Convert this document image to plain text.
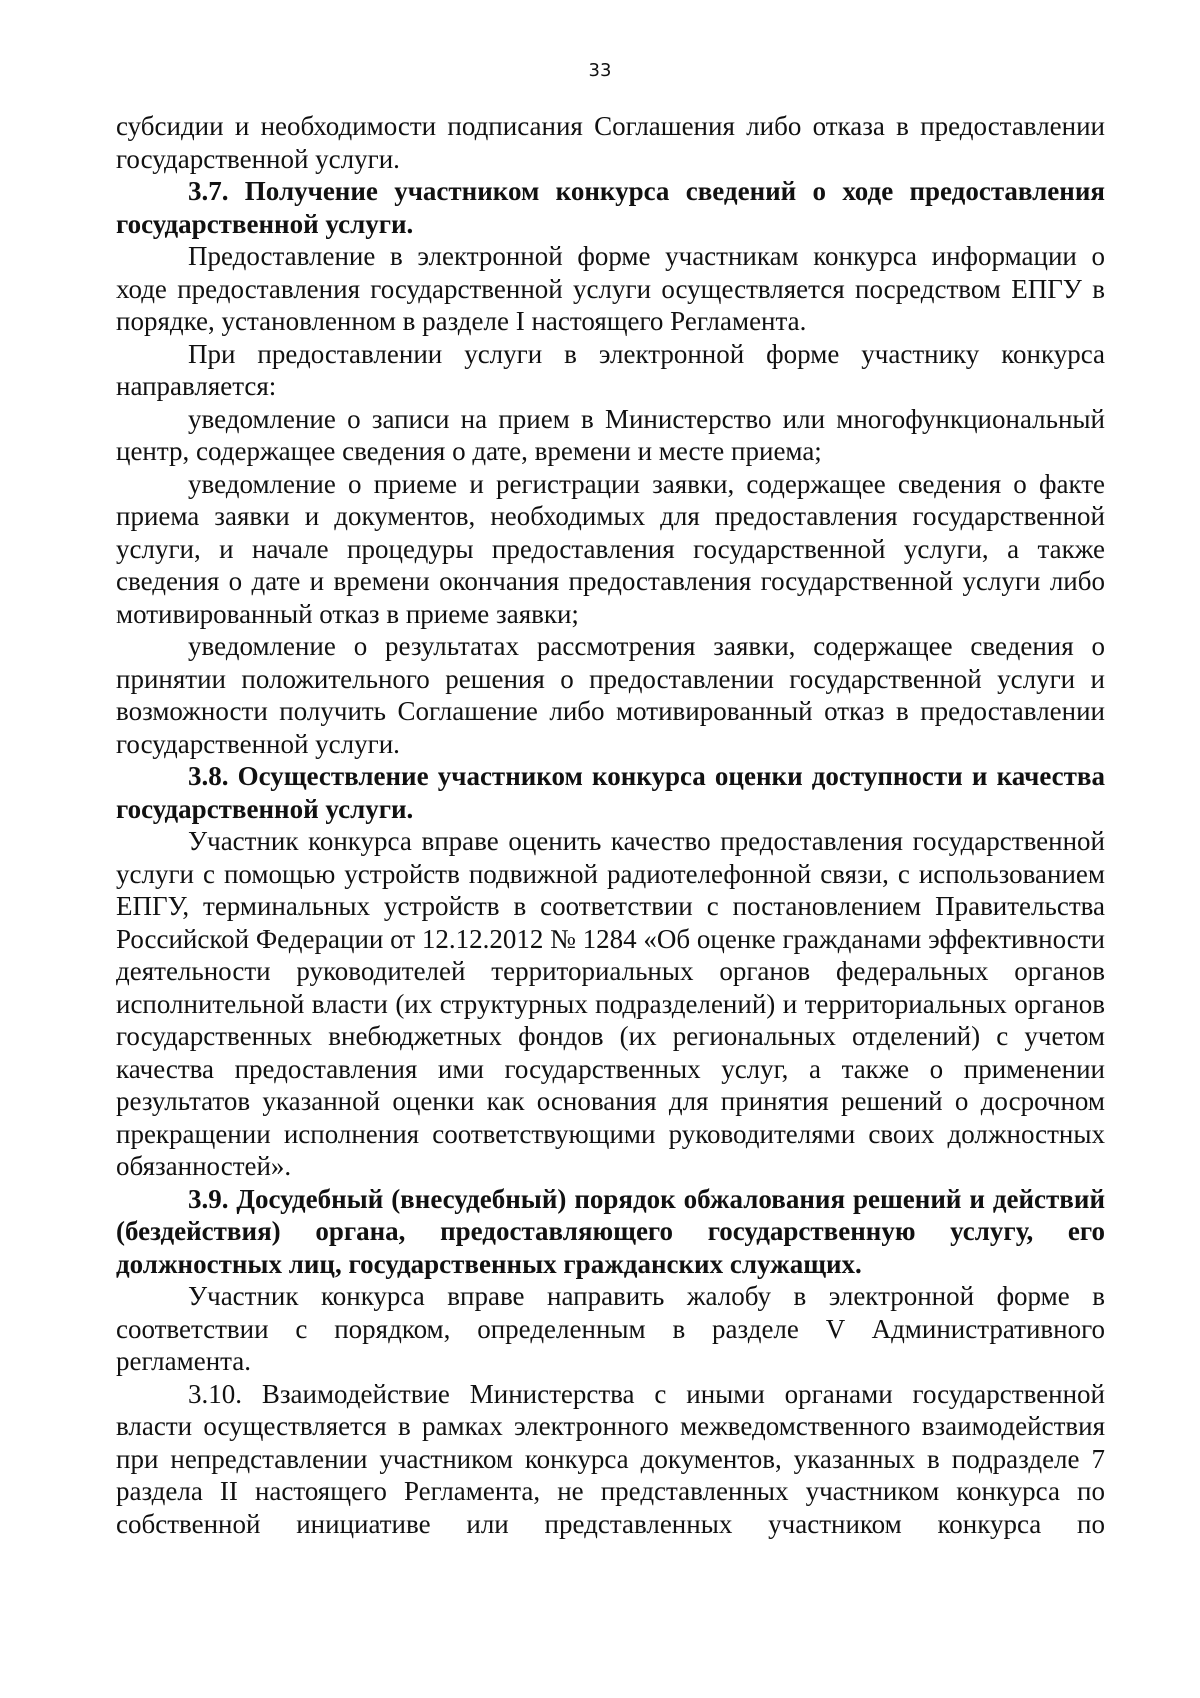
33

субсидии и необходимости подписания Соглашения либо отказа в предоставлении государственной услуги.

3.7. Получение участником конкурса сведений о ходе предоставления государственной услуги.

Предоставление в электронной форме участникам конкурса информации о ходе предоставления государственной услуги осуществляется посредством ЕПГУ в порядке, установленном в разделе I настоящего Регламента.

При предоставлении услуги в электронной форме участнику конкурса направляется:

уведомление о записи на прием в Министерство или многофункциональный центр, содержащее сведения о дате, времени и месте приема;

уведомление о приеме и регистрации заявки, содержащее сведения о факте приема заявки и документов, необходимых для предоставления государственной услуги, и начале процедуры предоставления государственной услуги, а также сведения о дате и времени окончания предоставления государственной услуги либо мотивированный отказ в приеме заявки;

уведомление о результатах рассмотрения заявки, содержащее сведения о принятии положительного решения о предоставлении государственной услуги и возможности получить Соглашение либо мотивированный отказ в предоставлении государственной услуги.

3.8. Осуществление участником конкурса оценки доступности и качества государственной услуги.

Участник конкурса вправе оценить качество предоставления государственной услуги с помощью устройств подвижной радиотелефонной связи, с использованием ЕПГУ, терминальных устройств в соответствии с постановлением Правительства Российской Федерации от 12.12.2012 № 1284 «Об оценке гражданами эффективности деятельности руководителей территориальных органов федеральных органов исполнительной власти (их структурных подразделений) и территориальных органов государственных внебюджетных фондов (их региональных отделений) с учетом качества предоставления ими государственных услуг, а также о применении результатов указанной оценки как основания для принятия решений о досрочном прекращении исполнения соответствующими руководителями своих должностных обязанностей».

3.9. Досудебный (внесудебный) порядок обжалования решений и действий (бездействия) органа, предоставляющего государственную услугу, его должностных лиц, государственных гражданских служащих.

Участник конкурса вправе направить жалобу в электронной форме в соответствии с порядком, определенным в разделе V Административного регламента.

3.10. Взаимодействие Министерства с иными органами государственной власти осуществляется в рамках электронного межведомственного взаимодействия при непредставлении участником конкурса документов, указанных в подразделе 7 раздела II настоящего Регламента, не представленных участником конкурса по собственной инициативе или представленных участником конкурса по
